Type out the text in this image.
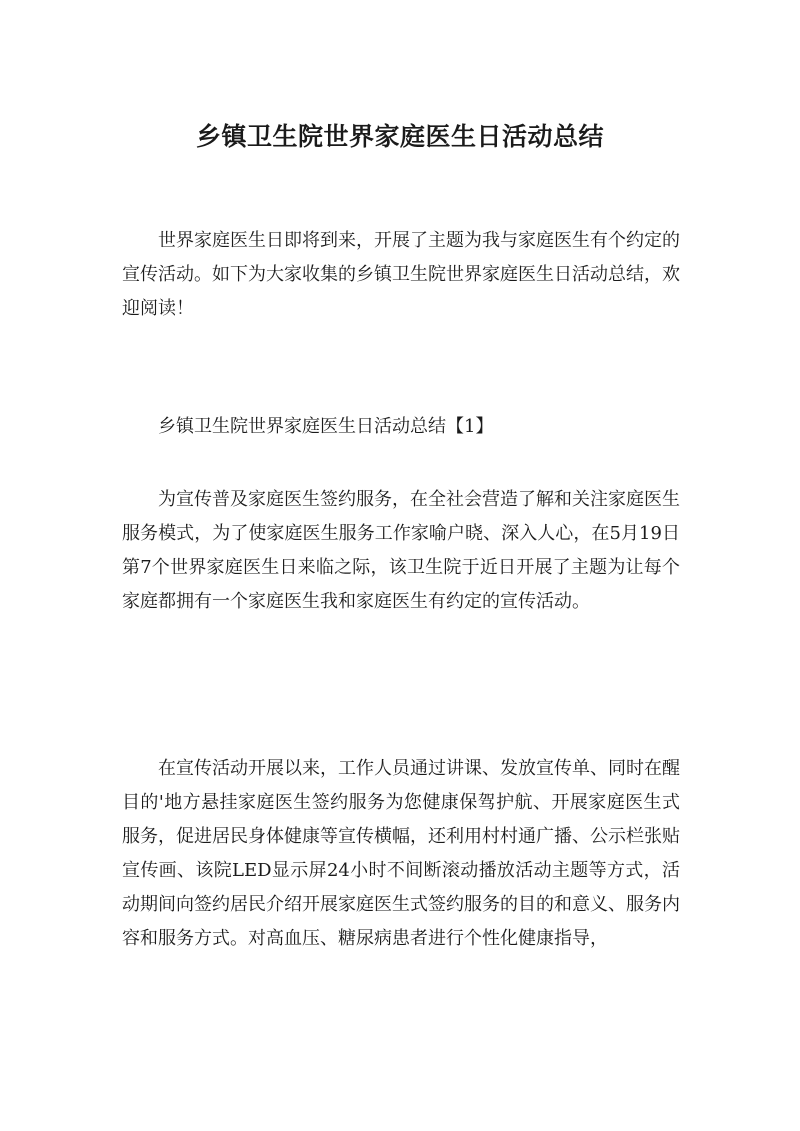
乡镇卫生院世界家庭医生日活动总结

世界家庭医生日即将到来，开展了主题为我与家庭医生有个约定的宣传活动。如下为大家收集的乡镇卫生院世界家庭医生日活动总结，欢迎阅读！

乡镇卫生院世界家庭医生日活动总结【1】

为宣传普及家庭医生签约服务，在全社会营造了解和关注家庭医生服务模式，为了使家庭医生服务工作家喻户晓、深入人心，在5月19日第7个世界家庭医生日来临之际，该卫生院于近日开展了主题为让每个家庭都拥有一个家庭医生我和家庭医生有约定的宣传活动。

在宣传活动开展以来，工作人员通过讲课、发放宣传单、同时在醒目的'地方悬挂家庭医生签约服务为您健康保驾护航、开展家庭医生式服务，促进居民身体健康等宣传横幅，还利用村村通广播、公示栏张贴宣传画、该院LED显示屏24小时不间断滚动播放活动主题等方式，活动期间向签约居民介绍开展家庭医生式签约服务的目的和意义、服务内容和服务方式。对高血压、糖尿病患者进行个性化健康指导，
